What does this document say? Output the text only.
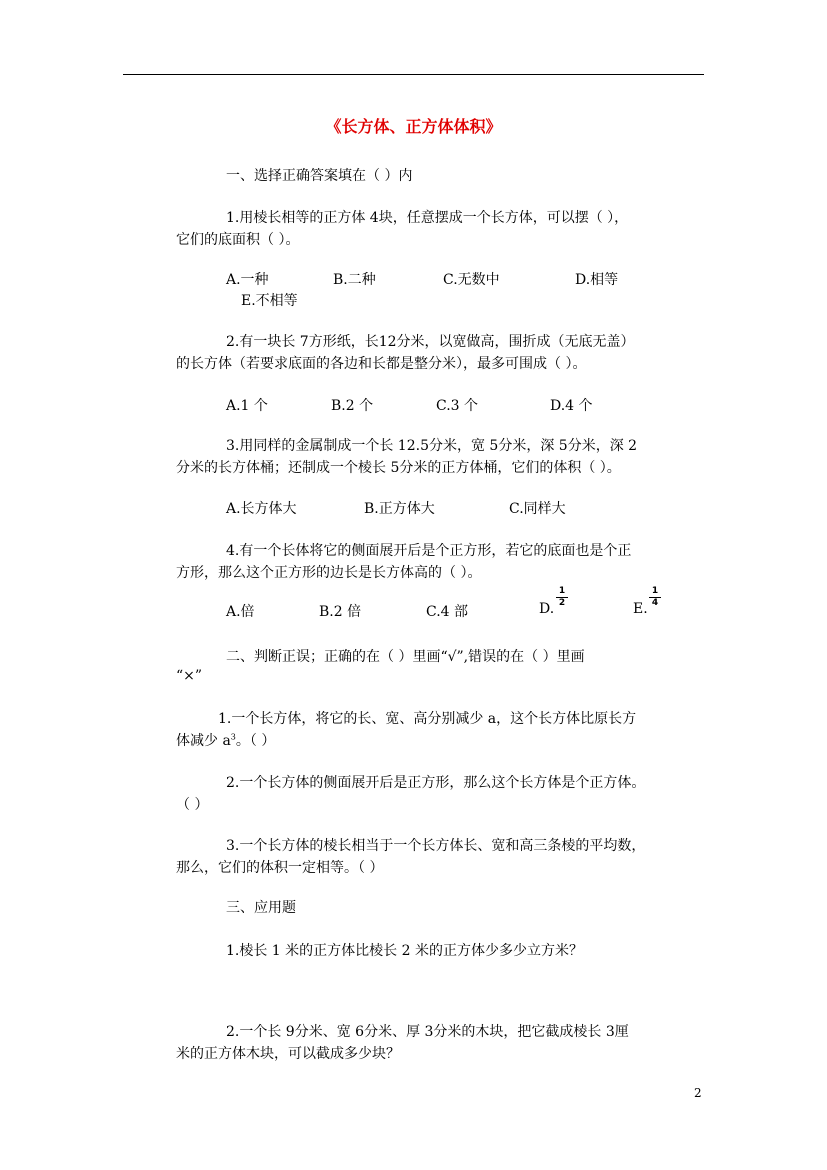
《长方体、正方体体积》
一、选择正确答案填在（ ）内
1.用棱长相等的正方体 4块，任意摆成一个长方体，可以摆（ ），
它们的底面积（ ）。
A.一种	B.二种	C.无数中	D.相等
E.不相等
2.有一块长 7方形纸，长12分米，以宽做高，围折成（无底无盖）
的长方体（若要求底面的各边和长都是整分米），最多可围成（ ）。
A.1 个	B.2 个	C.3 个	D.4 个
3.用同样的金属制成一个长 12.5分米，宽 5分米，深 5分米，深 2
分米的长方体桶；还制成一个棱长 5分米的正方体桶，它们的体积（ ）。
A.长方体大	B.正方体大	C.同样大
4.有一个长体将它的侧面展开后是个正方形，若它的底面也是个正
方形，那么这个正方形的边长是长方体高的（ ）。
A.倍	B.2 倍	C.4 部	D.
1
2	E.
1
4
二、判断正误；正确的在（ ）里画“√”,错误的在（ ）里画
“×”
1.一个长方体，将它的长、宽、高分别减少 a，这个长方体比原长方
体减少 $a^3$。（ ）
2.一个长方体的侧面展开后是正方形，那么这个长方体是个正方体。
（ ）
3.一个长方体的棱长相当于一个长方体长、宽和高三条棱的平均数，
那么，它们的体积一定相等。（ ）
三、应用题
1.棱长 1 米的正方体比棱长 2 米的正方体少多少立方米？
2.一个长 9分米、宽 6分米、厚 3分米的木块，把它截成棱长 3厘
米的正方体木块，可以截成多少块？
2
